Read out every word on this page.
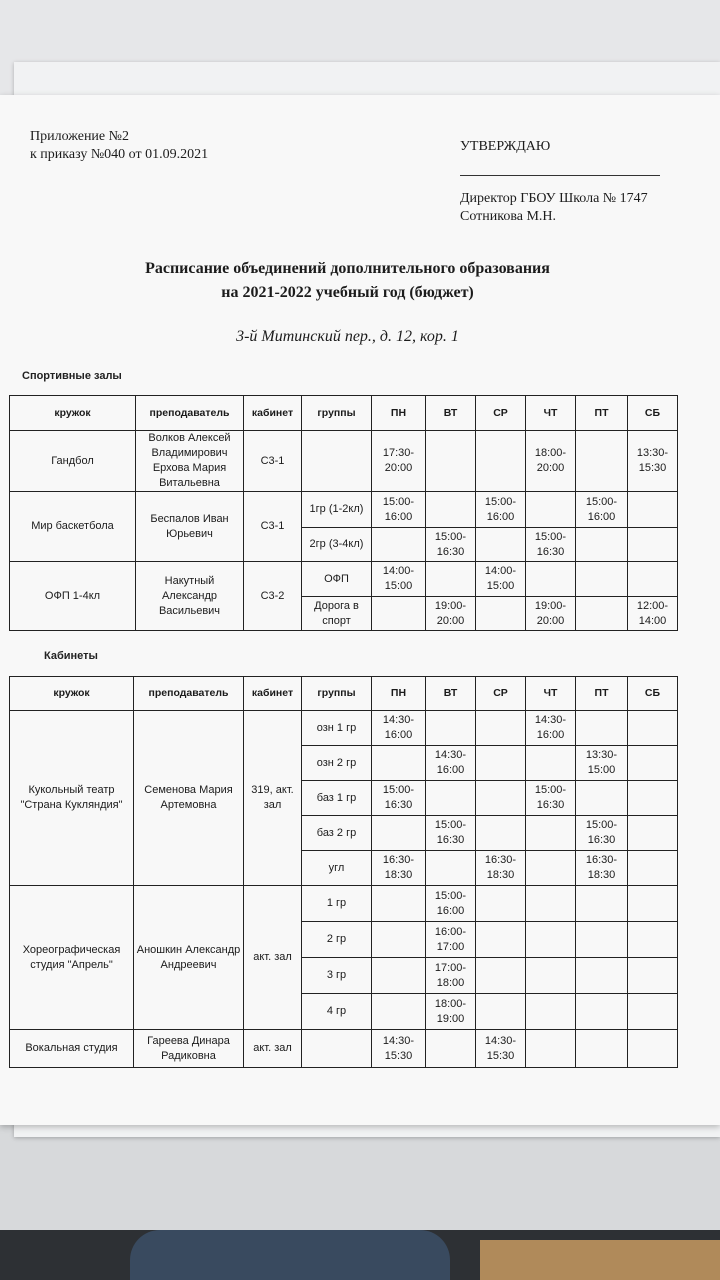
Приложение №2
к приказу №040 от 01.09.2021
УТВЕРЖДАЮ
Директор ГБОУ Школа № 1747
Сотникова М.Н.
Расписание объединений дополнительного образования
на 2021-2022 учебный год (бюджет)
3-й Митинский пер., д. 12, кор. 1
Спортивные залы
кружок	преподаватель	кабинет	группы	ПН	ВТ	СР	ЧТ	ПТ	СБ
Гандбол	Волков Алексей Владимирович Ерхова Мария Витальевна	С3-1		17:30-20:00			18:00-20:00		13:30-15:30
Мир баскетбола	Беспалов Иван Юрьевич	С3-1	1гр (1-2кл)	15:00-16:00		15:00-16:00		15:00-16:00	
			2гр (3-4кл)		15:00-16:30		15:00-16:30		
ОФП 1-4кл	Накутный Александр Васильевич	С3-2	ОФП	14:00-15:00		14:00-15:00			
			Дорога в спорт		19:00-20:00		19:00-20:00		12:00-14:00
Кабинеты
кружок	преподаватель	кабинет	группы	ПН	ВТ	СР	ЧТ	ПТ	СБ
Кукольный театр "Страна Кукляндия"	Семенова Мария Артемовна	319, акт. зал	озн 1 гр	14:30-16:00			14:30-16:00		
			озн 2 гр		14:30-16:00			13:30-15:00	
			баз 1 гр	15:00-16:30			15:00-16:30		
			баз 2 гр		15:00-16:30			15:00-16:30	
			угл	16:30-18:30		16:30-18:30		16:30-18:30	
Хореографическая студия "Апрель"	Аношкин Александр Андреевич	акт. зал	1 гр		15:00-16:00				
			2 гр		16:00-17:00				
			3 гр		17:00-18:00				
			4 гр		18:00-19:00				
Вокальная студия	Гареева Динара Радиковна	акт. зал		14:30-15:30		14:30-15:30			
